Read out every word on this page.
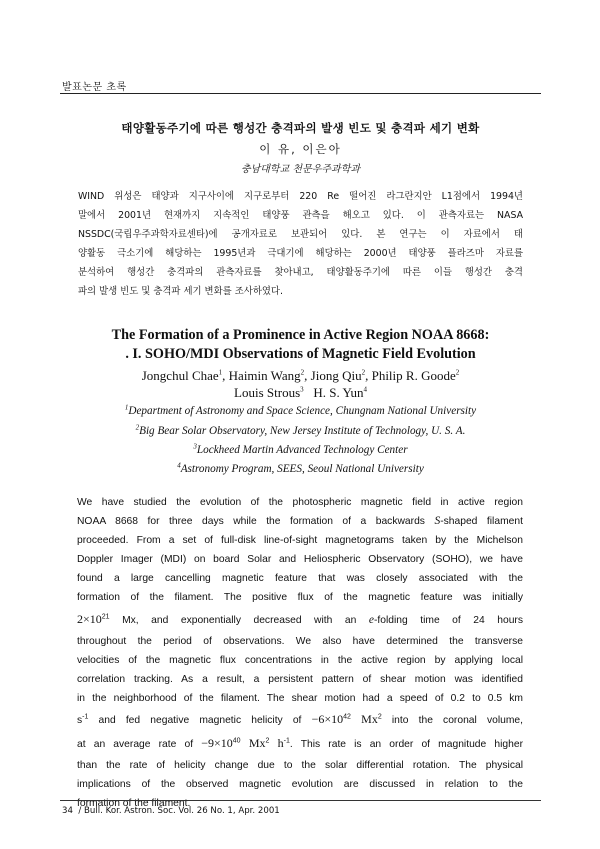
발표논문 초록
태양활동주기에 따른 행성간 충격파의 발생 빈도 및 충격파 세기 변화
이 유, 이은아
충남대학교 천문우주과학과
WIND 위성은 태양과 지구사이에 지구로부터 220 Re 떨어진 라그란지안 L1점에서 1994년
말에서 2001년 현재까지 지속적인 태양풍 관측을 해오고 있다. 이 관측자료는 NASA
NSSDC(국립우주과학자료센타)에 공개자료로 보관되어 있다. 본 연구는 이 자료에서 태
양활동 극소기에 해당하는 1995년과 극대기에 해당하는 2000년 태양풍 플라즈마 자료를
분석하여 행성간 충격파의 관측자료를 찾아내고, 태양활동주기에 따른 이들 행성간 충격
파의 발생 빈도 및 충격파 세기 변화를 조사하였다.
The Formation of a Prominence in Active Region NOAA 8668:
. I. SOHO/MDI Observations of Magnetic Field Evolution
Jongchul Chae$^1$, Haimin Wang$^2$, Jiong Qiu$^2$, Philip R. Goode$^2$
Louis Strous$^3$ H. S. Yun$^4$
$^1$Department of Astronomy and Space Science, Chungnam National University
$^2$Big Bear Solar Observatory, New Jersey Institute of Technology, U. S. A.
$^3$Lockheed Martin Advanced Technology Center
$^4$Astronomy Program, SEES, Seoul National University
We have studied the evolution of the photospheric magnetic field in active region
NOAA 8668 for three days while the formation of a backwards S-shaped filament
proceeded. From a set of full-disk line-of-sight magnetograms taken by the Michelson
Doppler Imager (MDI) on board Solar and Heliospheric Observatory (SOHO), we have
found a large cancelling magnetic feature that was closely associated with the
formation of the filament. The positive flux of the magnetic feature was initially
$2\times 10^{21}$ Mx, and exponentially decreased with an e-folding time of 24 hours
throughout the period of observations. We also have determined the transverse
velocities of the magnetic flux concentrations in the active region by applying local
correlation tracking. As a result, a persistent pattern of shear motion was identified
in the neighborhood of the filament. The shear motion had a speed of 0.2 to 0.5 km
$s^{-1}$ and fed negative magnetic helicity of $-6\times 10^{42}$ Mx$^2$ into the coronal volume,
at an average rate of $-9\times 10^{40}$ Mx$^2$ $h^{-1}$. This rate is an order of magnitude higher
than the rate of helicity change due to the solar differential rotation. The physical
implications of the observed magnetic evolution are discussed in relation to the
formation of the filament.
34 / Bull. Kor. Astron. Soc. Vol. 26 No. 1, Apr. 2001
